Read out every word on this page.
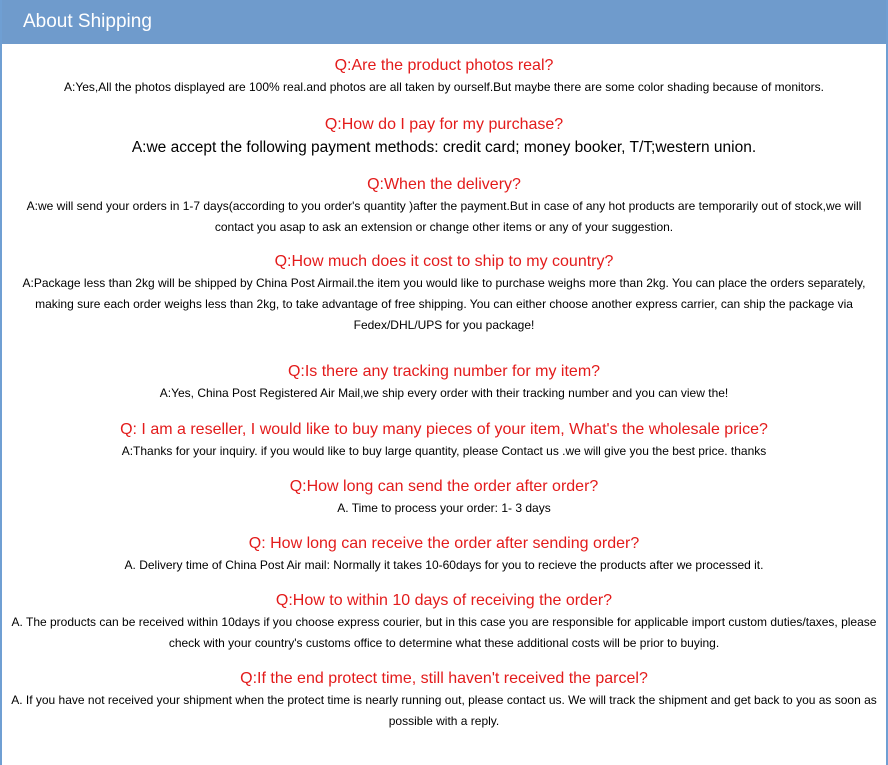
About Shipping

Q:Are the product photos real?

A:Yes,All the photos displayed are 100% real.and photos are all taken by ourself.But maybe there are some color shading because of monitors.

Q:How do I pay for my purchase?

A:we accept the following payment methods: credit card; money booker, T/T;western union.

Q:When the delivery?

A:we will send your orders in 1-7 days(according to you order's quantity )after the payment.But in case of any hot products are temporarily out of stock,we will contact you asap to ask an extension or change other items or any of your suggestion.

Q:How much does it cost to ship to my country?

A:Package less than 2kg will be shipped by China Post Airmail.the item you would like to purchase weighs more than 2kg. You can place the orders separately, making sure each order weighs less than 2kg, to take advantage of free shipping. You can either choose another express carrier, can ship the package via Fedex/DHL/UPS for you package!

Q:Is there any tracking number for my item?

A:Yes, China Post Registered Air Mail,we ship every order with their tracking number and you can view the!

Q: I am a reseller, I would like to buy many pieces of your item, What's the wholesale price?

A:Thanks for your inquiry. if you would like to buy large quantity, please Contact us .we will give you the best price. thanks

Q:How long can send the order after order?

A. Time to process your order: 1- 3 days

Q: How long can receive the order after sending order?

A. Delivery time of China Post Air mail: Normally it takes 10-60days for you to recieve the products after we processed it.

Q:How to within 10 days of receiving the order?

A. The products can be received within 10days if you choose express courier, but in this case you are responsible for applicable import custom duties/taxes, please check with your country's customs office to determine what these additional costs will be prior to buying.

Q:If the end protect time, still haven't received the parcel?

A. If you have not received your shipment when the protect time is nearly running out, please contact us. We will track the shipment and get back to you as soon as possible with a reply.
